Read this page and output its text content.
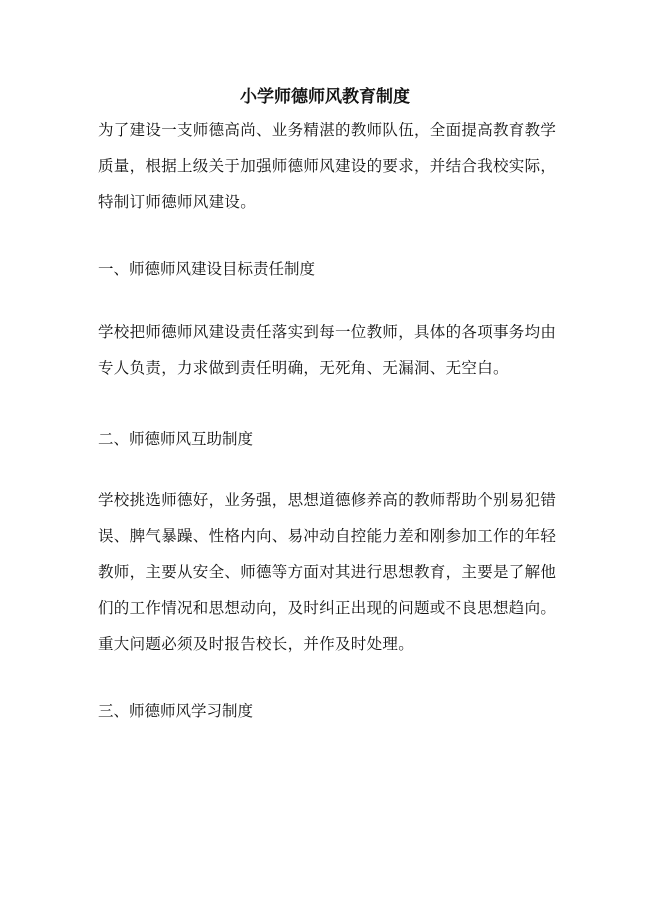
小学师德师风教育制度

为了建设一支师德高尚、业务精湛的教师队伍，全面提高教育教学
质量，根据上级关于加强师德师风建设的要求，并结合我校实际，
特制订师德师风建设。

一、师德师风建设目标责任制度

学校把师德师风建设责任落实到每一位教师，具体的各项事务均由
专人负责，力求做到责任明确，无死角、无漏洞、无空白。

二、师德师风互助制度

学校挑选师德好，业务强，思想道德修养高的教师帮助个别易犯错
误、脾气暴躁、性格内向、易冲动自控能力差和刚参加工作的年轻
教师，主要从安全、师德等方面对其进行思想教育，主要是了解他
们的工作情况和思想动向，及时纠正出现的问题或不良思想趋向。
重大问题必须及时报告校长，并作及时处理。

三、师德师风学习制度
